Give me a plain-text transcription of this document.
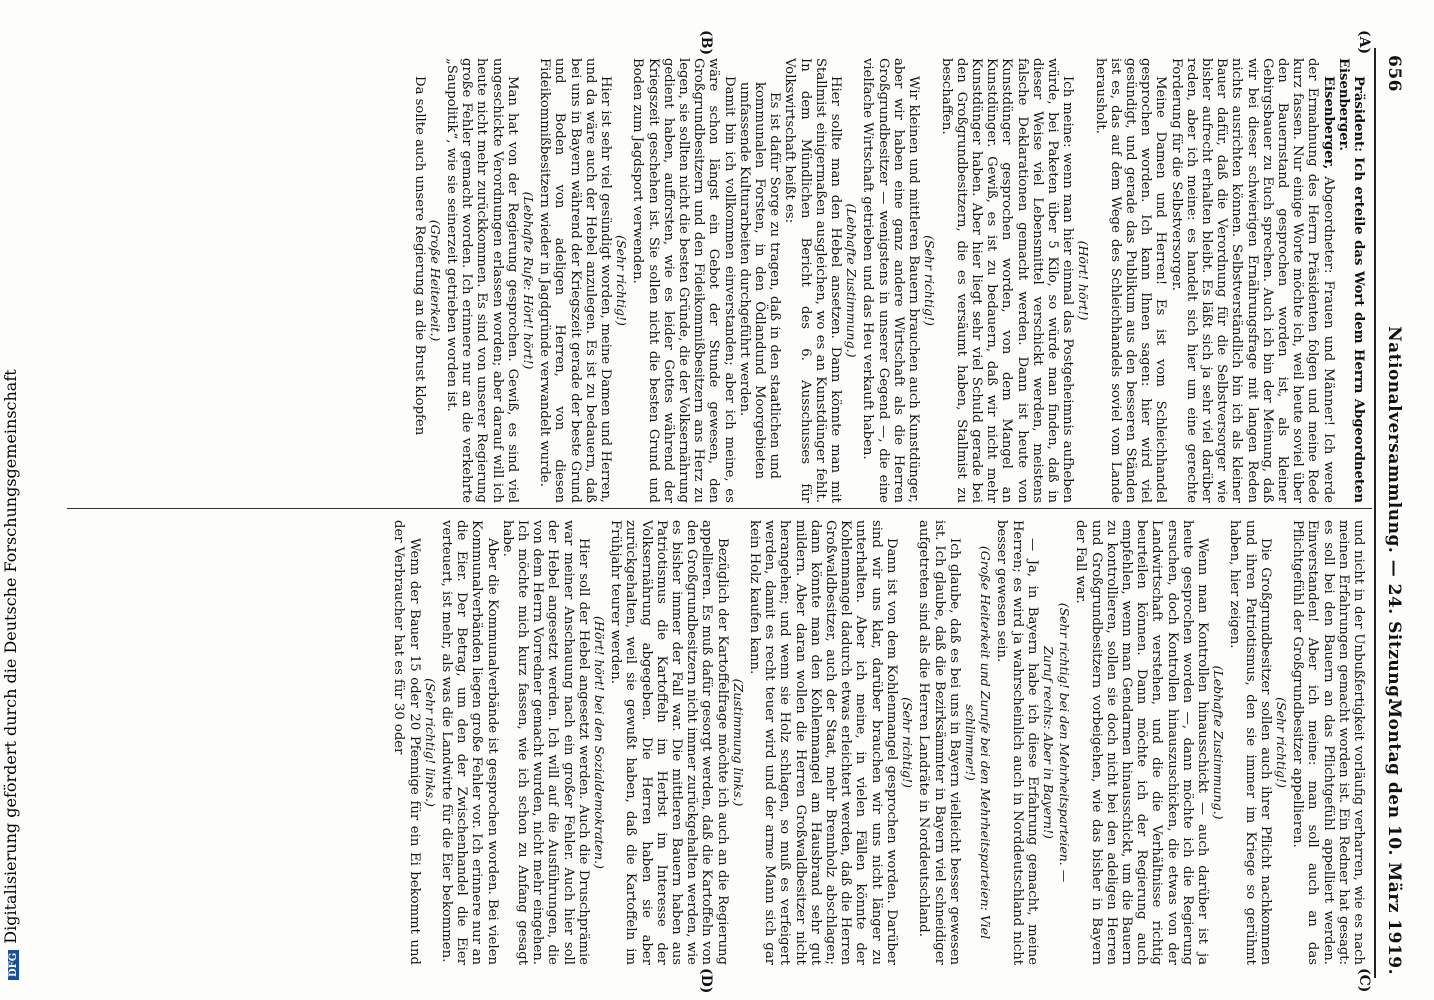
656
Nationalversammlung. — 24. Sitzung.
Montag den 10. März 1919.
(A)
(B)
(C)
(D)

Präsident: Ich erteile das Wort dem Herrn Abgeordneten Eisenberger.

Eisenberger, Abgeordneter: Frauen und Männer! Ich werde der Ermahnung des Herrn Präsidenten folgen und meine Rede kurz fassen. Nur einige Worte möchte ich, weil heute soviel über den Bauernstand gesprochen worden ist, als kleiner Gebirgsbauer zu Euch sprechen. Auch ich bin der Meinung, daß wir bei dieser schwierigen Ernährungsfrage mit langen Reden nichts ausrichten können. Selbstverständlich bin ich als kleiner Bauer dafür, daß die Verordnung für die Selbstversorger wie bisher aufrecht erhalten bleibt. Es läßt sich ja sehr viel darüber reden, aber ich meine: es handelt sich hier um eine gerechte Forderung für die Selbstversorger.

Meine Damen und Herren! Es ist vom Schleichhandel gesprochen worden. Ich kann Ihnen sagen: hier wird viel gesündigt, und gerade das Publikum aus den besseren Ständen ist es, das auf dem Wege des Schleichhandels soviel vom Lande herausholt.

(Hört! hört!)

Ich meine: wenn man hier einmal das Postgeheimnis aufheben würde, bei Paketen über 5 Kilo, so würde man finden, daß in dieser Weise viel Lebensmittel verschickt werden, meistens falsche Deklarationen gemacht werden. Dann ist heute von Kunstdünger gesprochen worden, von dem Mangel an Kunstdünger. Gewiß, es ist zu bedauern, daß wir nicht mehr Kunstdünger haben. Aber hier liegt sehr viel Schuld gerade bei den Großgrundbesitzern, die es versäumt haben, Stallmist zu beschaffen.

(Sehr richtig!)

Wir kleinen und mittleren Bauern brauchen auch Kunstdünger, aber wir haben eine ganz andere Wirtschaft als die Herren Großgrundbesitzer — wenigstens in unserer Gegend —, die eine vielfache Wirtschaft getrieben und das Heu verkauft haben.

(Lebhafte Zustimmung.)

Hier sollte man den Hebel ansetzen. Dann könnte man mit Stallmist einigermaßen ausgleichen, wo es an Kunstdünger fehlt. In dem Mündlichen Bericht des 6. Ausschusses für Volkswirtschaft heißt es:

Es ist dafür Sorge zu tragen, daß in den staatlichen und kommunalen Forsten, in den Ödlandund Moorgebieten umfassende Kulturarbeiten durchgeführt werden.

Damit bin ich vollkommen einverstanden; aber ich meine, es wäre schon längst ein Gebot der Stunde gewesen, den Großgrundbesitzern und den Fideikommißbesitzern ans Herz zu legen, sie sollten nicht die besten Gründe, die der Volksernährung gedient haben, aufforsten, wie es leider Gottes während der Kriegszeit geschehen ist. Sie sollen nicht die besten Grund und Boden zum Jagdsport verwenden.

(Sehr richtig!)

Hier ist sehr viel gesündigt worden, meine Damen und Herren, und da wäre auch der Hebel anzulegen. Es ist zu bedauern, daß bei uns in Bayern während der Kriegszeit gerade der beste Grund und Boden von adeligen Herren, von diesen Fideikommißbesitzern wieder in Jagdgründe verwandelt wurde.

(Lebhafte Rufe: Hört! hört!)

Man hat von der Regierung gesprochen. Gewiß, es sind viel ungeschickte Verordnungen erlassen worden; aber darauf will ich heute nicht mehr zurückkommen. Es sind von unserer Regierung große Fehler gemacht worden. Ich erinnere nur an die verkehrte „Saupolitik“, wie sie seinerzeit getrieben worden ist.

(Große Heiterkeit.)

Da sollte auch unsere Regierung an die Brust klopfen

und nicht in der Unbußfertigkeit vorläufig verharren, wie es nach meinen Erfahrungen gemacht worden ist. Ein Redner hat gesagt: es soll bei den Bauern an das Pflichtgefühl appelliert werden. Einverstanden! Aber ich meine: man soll auch an das Pflichtgefühl der Großgrundbesitzer appellieren.

(Sehr richtig!)

Die Großgrundbesitzer sollen auch ihrer Pflicht nachkommen und ihren Patriotismus, den sie immer im Kriege so gerühmt haben, hier zeigen.

(Lebhafte Zustimmung.)

Wenn man Kontrollen hinausschickt — auch darüber ist ja heute gesprochen worden —, dann möchte ich die Regierung ersuchen, doch Kontrollen hinauszuschicken, die etwas von der Landwirtschaft verstehen, und die die Verhältnisse richtig beurteilen können. Dann möchte ich der Regierung auch empfehlen, wenn man Gendarmen hinausschickt, um die Bauern zu kontrollieren, sollen sie doch nicht bei den adeligen Herren und Großgrundbesitzern vorbeigehen, wie das bisher in Bayern der Fall war.

(Sehr richtig! bei den Mehrheitsparteien. —

Zuruf rechts: Aber in Bayern!)

— Ja, in Bayern habe ich diese Erfahrung gemacht, meine Herren; es wird ja wahrscheinlich auch in Norddeutschland nicht besser gewesen sein.

(Große Heiterkeit und Zurufe bei den Mehrheitsparteien: Viel schlimmer!)

Ich glaube, daß es bei uns in Bayern vielleicht besser gewesen ist. Ich glaube, daß die Bezirksämmter in Bayern viel schneidiger aufgetreten sind als die Herren Landräte in Norddeutschland.

(Sehr richtig!)

Dann ist von dem Kohlenmangel gesprochen worden. Darüber sind wir uns klar, darüber brauchen wir uns nicht länger zu unterhalten. Aber ich meine, in vielen Fällen könnte der Kohlenmangel dadurch etwas erleichtert werden, daß die Herren Großwaldbesitzer, auch der Staat, mehr Brennholz abschlagen; dann könnte man den Kohlenmangel am Hausbrand sehr gut mildern. Aber daran wollen die Herren Großwaldbesitzer nicht herangehen; und wenn sie Holz schlagen, so muß es verfeigert werden, damit es recht teuer wird und der arme Mann sich gar kein Holz kaufen kann.

(Zustimmung links.)

Bezüglich der Kartoffelfrage möchte ich auch an die Regierung appellieren. Es muß dafür gesorgt werden, daß die Kartoffeln von den Großgrundbesitzern nicht immer zurückgehalten werden, wie es bisher immer der Fall war. Die mittleren Bauern haben aus Patriotismus die Kartoffeln im Herbst im Interesse der Volksernährung abgegeben. Die Herren haben sie aber zurückgehalten, weil sie gewußt haben, daß die Kartoffeln im Frühjahr teurer werden.

(Hört! hört! bei den Sozialdemokraten.)

Hier soll der Hebel angesetzt werden. Auch die Druschprämie war meiner Anschauung nach ein großer Fehler. Auch hier soll der Hebel angesetzt werden. Ich will auf die Ausführungen, die von dem Herrn Vorredner gemacht wurden, nicht mehr eingehen. Ich möchte mich kurz fassen, wie ich schon zu Anfang gesagt habe.

Aber die Kommunalverbände ist gesprochen worden. Bei vielen Kommunalverbänden liegen große Fehler vor. Ich erinnere nur an die Eier. Der Betrag, um den der Zwischenhandel die Eier verteuert, ist mehr, als was die Landwirte für die Eier bekommen.

(Sehr richtig! links.)

Wenn der Bauer 15 oder 20 Pfennige für ein Ei bekommt und der Verbraucher hat es für 30 oder

DFGDigitalisierung gefördert durch die Deutsche Forschungsgemeinschaft
